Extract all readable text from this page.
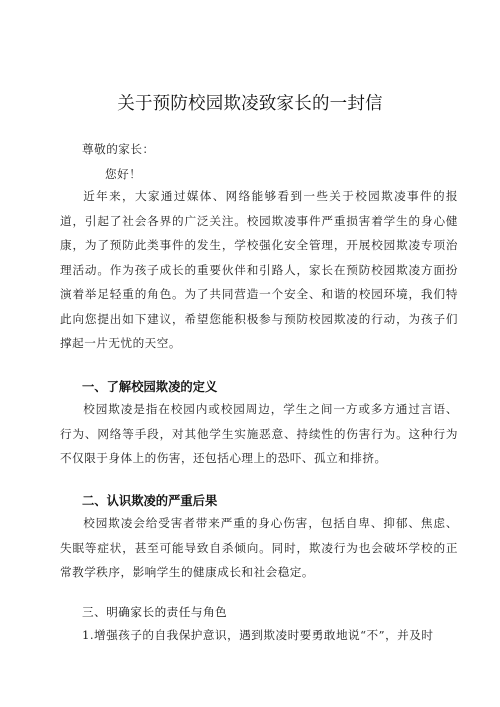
关于预防校园欺凌致家长的一封信
尊敬的家长：
您好！
近年来，大家通过媒体、网络能够看到一些关于校园欺凌事件的报道，引起了社会各界的广泛关注。校园欺凌事件严重损害着学生的身心健康，为了预防此类事件的发生，学校强化安全管理，开展校园欺凌专项治理活动。作为孩子成长的重要伙伴和引路人，家长在预防校园欺凌方面扮演着举足轻重的角色。为了共同营造一个安全、和谐的校园环境，我们特此向您提出如下建议，希望您能积极参与预防校园欺凌的行动，为孩子们撑起一片无忧的天空。
一、了解校园欺凌的定义
校园欺凌是指在校园内或校园周边，学生之间一方或多方通过言语、行为、网络等手段，对其他学生实施恶意、持续性的伤害行为。这种行为不仅限于身体上的伤害，还包括心理上的恐吓、孤立和排挤。
二、认识欺凌的严重后果
校园欺凌会给受害者带来严重的身心伤害，包括自卑、抑郁、焦虑、失眠等症状，甚至可能导致自杀倾向。同时，欺凌行为也会破坏学校的正常教学秩序，影响学生的健康成长和社会稳定。
三、明确家长的责任与角色
1.增强孩子的自我保护意识，遇到欺凌时要勇敢地说“不”，并及时
